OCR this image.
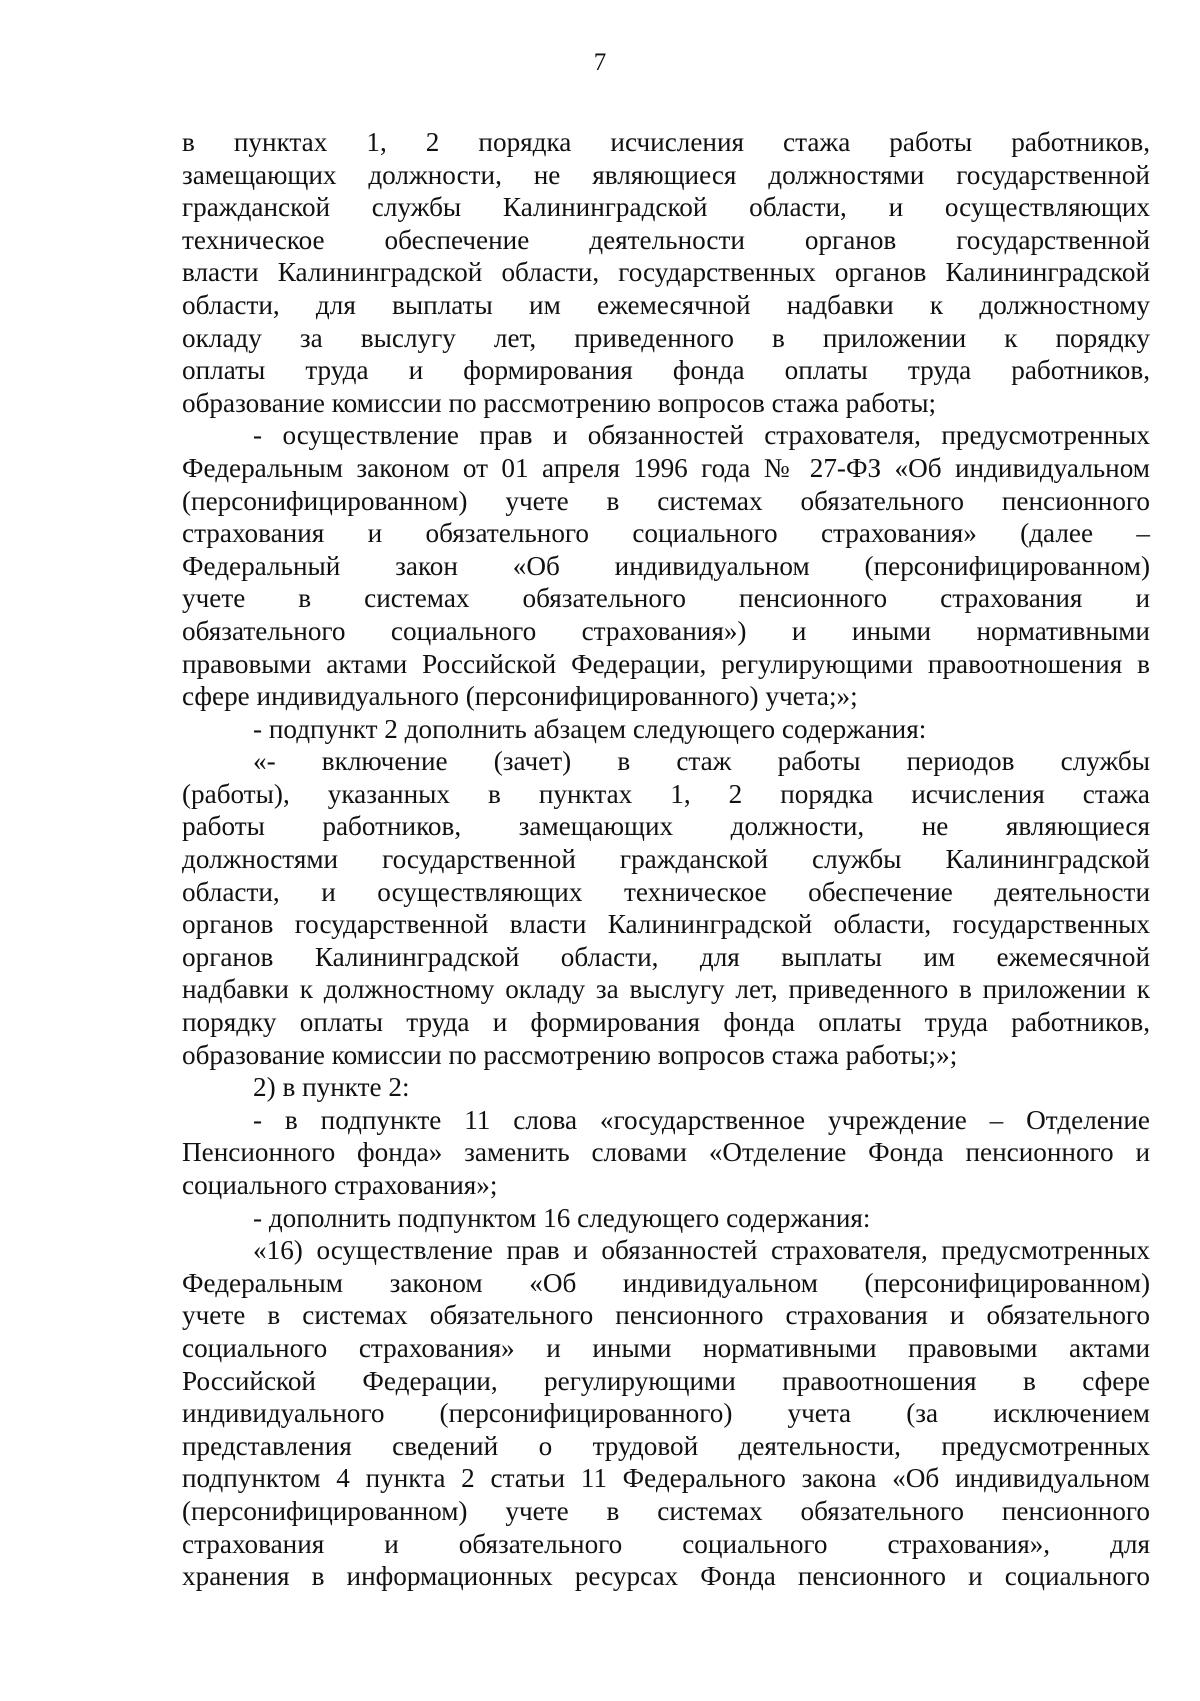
7
в пунктах 1, 2 порядка исчисления стажа работы работников,
замещающих должности, не являющиеся должностями государственной
гражданской службы Калининградской области, и осуществляющих
техническое обеспечение деятельности органов государственной
власти Калининградской области, государственных органов Калининградской
области, для выплаты им ежемесячной надбавки к должностному
окладу за выслугу лет, приведенного в приложении к порядку
оплаты труда и формирования фонда оплаты труда работников,
образование комиссии по рассмотрению вопросов стажа работы;
- осуществление прав и обязанностей страхователя, предусмотренных
Федеральным законом от 01 апреля 1996 года № 27-ФЗ «Об индивидуальном
(персонифицированном) учете в системах обязательного пенсионного
страхования и обязательного социального страхования» (далее –
Федеральный закон «Об индивидуальном (персонифицированном)
учете в системах обязательного пенсионного страхования и
обязательного социального страхования») и иными нормативными
правовыми актами Российской Федерации, регулирующими правоотношения в
сфере индивидуального (персонифицированного) учета;»;
- подпункт 2 дополнить абзацем следующего содержания:
«- включение (зачет) в стаж работы периодов службы
(работы), указанных в пунктах 1, 2 порядка исчисления стажа
работы работников, замещающих должности, не являющиеся
должностями государственной гражданской службы Калининградской
области, и осуществляющих техническое обеспечение деятельности
органов государственной власти Калининградской области, государственных
органов Калининградской области, для выплаты им ежемесячной
надбавки к должностному окладу за выслугу лет, приведенного в приложении к
порядку оплаты труда и формирования фонда оплаты труда работников,
образование комиссии по рассмотрению вопросов стажа работы;»;
2) в пункте 2:
- в подпункте 11 слова «государственное учреждение – Отделение
Пенсионного фонда» заменить словами «Отделение Фонда пенсионного и
социального страхования»;
- дополнить подпунктом 16 следующего содержания:
«16) осуществление прав и обязанностей страхователя, предусмотренных
Федеральным законом «Об индивидуальном (персонифицированном)
учете в системах обязательного пенсионного страхования и обязательного
социального страхования» и иными нормативными правовыми актами
Российской Федерации, регулирующими правоотношения в сфере
индивидуального (персонифицированного) учета (за исключением
представления сведений о трудовой деятельности, предусмотренных
подпунктом 4 пункта 2 статьи 11 Федерального закона «Об индивидуальном
(персонифицированном) учете в системах обязательного пенсионного
страхования и обязательного социального страхования», для
хранения в информационных ресурсах Фонда пенсионного и социального
